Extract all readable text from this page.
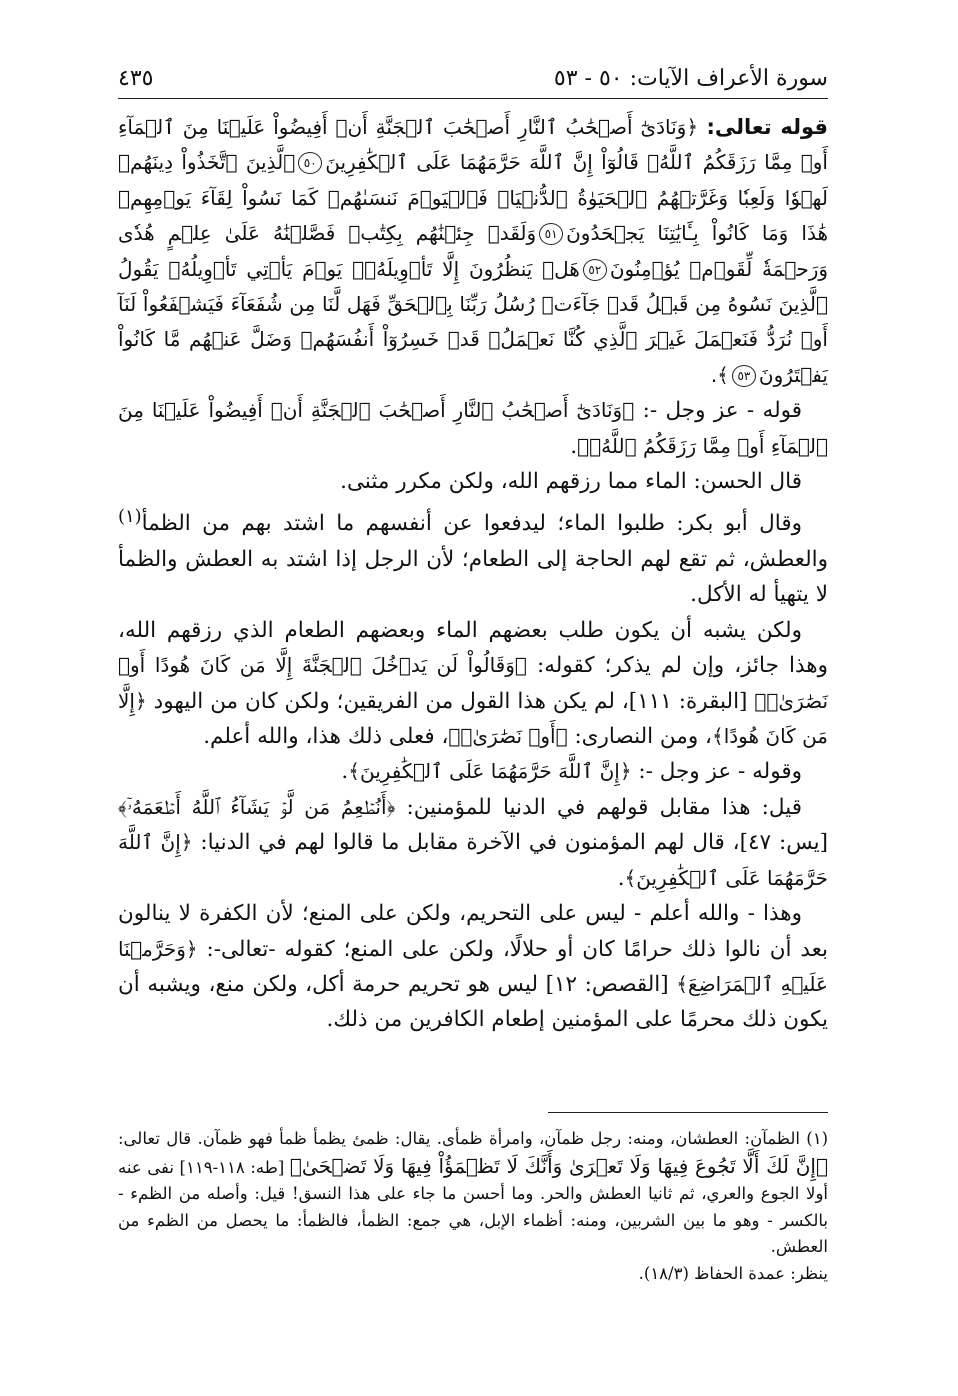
سورة الأعراف الآيات: ٥٠ - ٥٣
٤٣٥

قوله تعالى: ﴿وَنَادَىٰٓ أَصۡحَٰبُ ٱلنَّارِ أَصۡحَٰبَ ٱلۡجَنَّةِ أَنۡ أَفِيضُواْ عَلَيۡنَا مِنَ ٱلۡمَآءِ أَوۡ مِمَّا رَزَقَكُمُ ٱللَّهُۚ قَالُوٓاْ إِنَّ ٱللَّهَ حَرَّمَهُمَا عَلَى ٱلۡكَٰفِرِينَ٥٠ٱلَّذِينَ ٱتَّخَذُواْ دِينَهُمۡ لَهۡوٗا وَلَعِبٗا وَغَرَّتۡهُمُ ٱلۡحَيَوٰةُ ٱلدُّنۡيَاۚ فَٱلۡيَوۡمَ نَنسَىٰهُمۡ كَمَا نَسُواْ لِقَآءَ يَوۡمِهِمۡ هَٰذَا وَمَا كَانُواْ بِـَٔايَٰتِنَا يَجۡحَدُونَ٥١وَلَقَدۡ جِئۡنَٰهُم بِكِتَٰبٖ فَصَّلۡنَٰهُ عَلَىٰ عِلۡمٍ هُدٗى وَرَحۡمَةٗ لِّقَوۡمٖ يُؤۡمِنُونَ٥٢هَلۡ يَنظُرُونَ إِلَّا تَأۡوِيلَهُۥۚ يَوۡمَ يَأۡتِي تَأۡوِيلُهُۥ يَقُولُ ٱلَّذِينَ نَسُوهُ مِن قَبۡلُ قَدۡ جَآءَتۡ رُسُلُ رَبِّنَا بِٱلۡحَقِّ فَهَل لَّنَا مِن شُفَعَآءَ فَيَشۡفَعُواْ لَنَآ أَوۡ نُرَدُّ فَنَعۡمَلَ غَيۡرَ ٱلَّذِي كُنَّا نَعۡمَلُۚ قَدۡ خَسِرُوٓاْ أَنفُسَهُمۡ وَضَلَّ عَنۡهُم مَّا كَانُواْ يَفۡتَرُونَ٥٣﴾.

قوله - عز وجل -: ﴿وَنَادَىٰٓ أَصۡحَٰبُ ٱلنَّارِ أَصۡحَٰبَ ٱلۡجَنَّةِ أَنۡ أَفِيضُواْ عَلَيۡنَا مِنَ ٱلۡمَآءِ أَوۡ مِمَّا رَزَقَكُمُ ٱللَّهُۚ﴾.

قال الحسن: الماء مما رزقهم الله، ولكن مكرر مثنى.

وقال أبو بكر: طلبوا الماء؛ ليدفعوا عن أنفسهم ما اشتد بهم من الظمأ$^{(١)}$ والعطش، ثم تقع لهم الحاجة إلى الطعام؛ لأن الرجل إذا اشتد به العطش والظمأ لا يتهيأ له الأكل.

ولكن يشبه أن يكون طلب بعضهم الماء وبعضهم الطعام الذي رزقهم الله، وهذا جائز، وإن لم يذكر؛ كقوله: ﴿وَقَالُواْ لَن يَدۡخُلَ ٱلۡجَنَّةَ إِلَّا مَن كَانَ هُودًا أَوۡ نَصَٰرَىٰۗ﴾ [البقرة: ١١١]، لم يكن هذا القول من الفريقين؛ ولكن كان من اليهود ﴿إِلَّا مَن كَانَ هُودًا﴾، ومن النصارى: ﴿أَوۡ نَصَٰرَىٰۗ﴾، فعلى ذلك هذا، والله أعلم.

وقوله - عز وجل -: ﴿إِنَّ ٱللَّهَ حَرَّمَهُمَا عَلَى ٱلۡكَٰفِرِينَ﴾.

قيل: هذا مقابل قولهم في الدنيا للمؤمنين: ﴿أَنُطۡعِمُ مَن لَّوۡ يَشَآءُ ٱللَّهُ أَطۡعَمَهُۥٓ﴾ [يس: ٤٧]، قال لهم المؤمنون في الآخرة مقابل ما قالوا لهم في الدنيا: ﴿إِنَّ ٱللَّهَ حَرَّمَهُمَا عَلَى ٱلۡكَٰفِرِينَ﴾.

وهذا - والله أعلم - ليس على التحريم، ولكن على المنع؛ لأن الكفرة لا ينالون بعد أن نالوا ذلك حرامًا كان أو حلالًا، ولكن على المنع؛ كقوله -تعالى-: ﴿وَحَرَّمۡنَا عَلَيۡهِ ٱلۡمَرَاضِعَ﴾ [القصص: ١٢] ليس هو تحريم حرمة أكل، ولكن منع، ويشبه أن يكون ذلك محرمًا على المؤمنين إطعام الكافرين من ذلك.

(١) الظمآن: العطشان، ومنه: رجل ظمآن، وامرأة ظمأى. يقال: ظمئ يظمأ ظمأ فهو ظمآن. قال تعالى: ﴿إِنَّ لَكَ أَلَّا تَجُوعَ فِيهَا وَلَا تَعۡرَىٰ وَأَنَّكَ لَا تَظۡمَؤُاْ فِيهَا وَلَا تَضۡحَىٰ﴾ [طه: ١١٨-١١٩] نفى عنه أولا الجوع والعري، ثم ثانيا العطش والحر. وما أحسن ما جاء على هذا النسق! قيل: وأصله من الظمء - بالكسر - وهو ما بين الشربين، ومنه: أظماء الإبل، هي جمع: الظمأ، فالظمأ: ما يحصل من الظمء من العطش.

ينظر: عمدة الحفاظ (١٨/٣).
